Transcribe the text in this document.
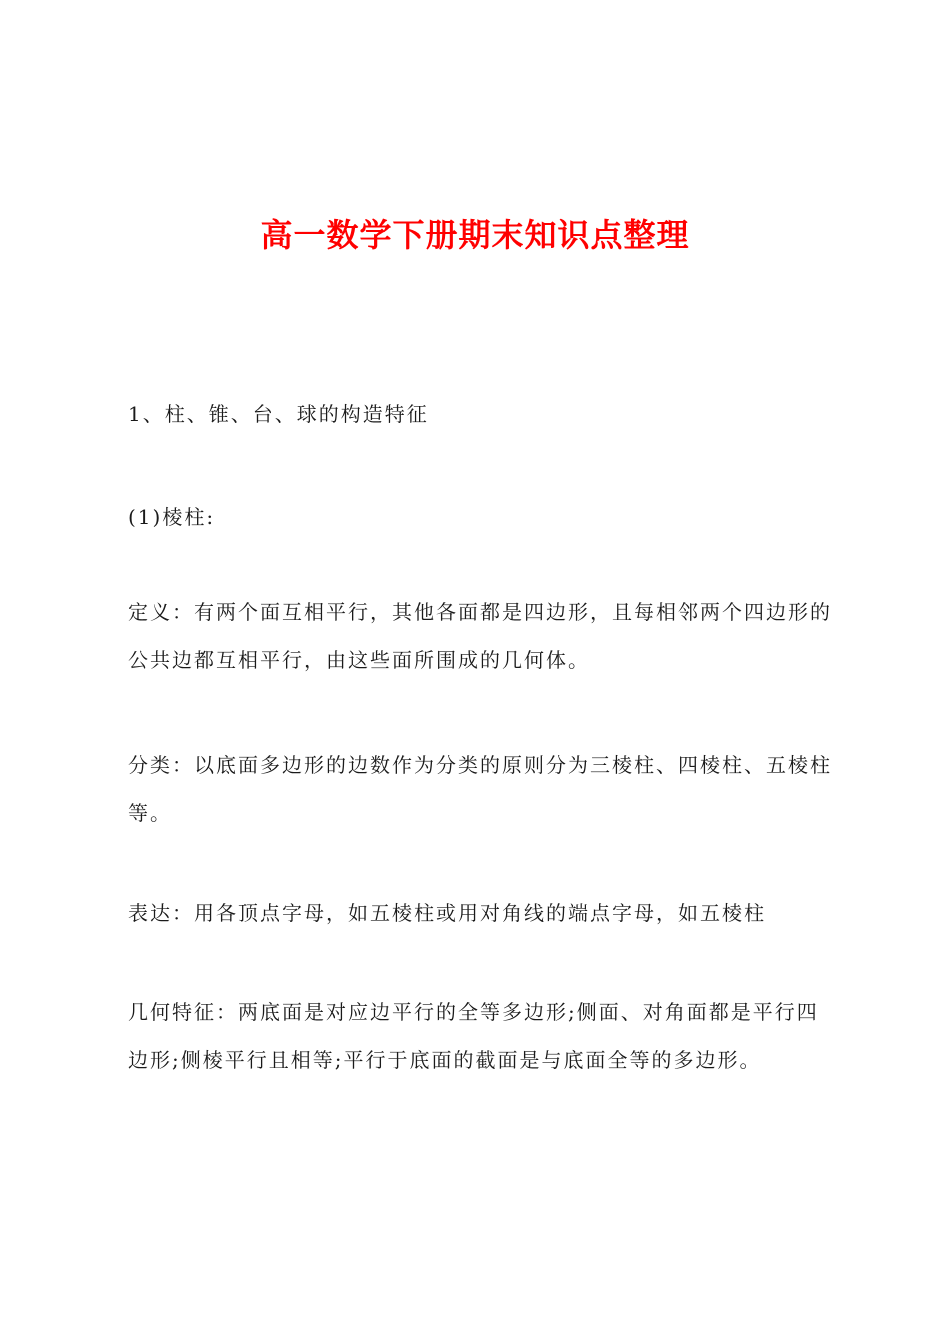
高一数学下册期末知识点整理

1、柱、锥、台、球的构造特征

(1)棱柱:

定义：有两个面互相平行，其他各面都是四边形，且每相邻两个四边形的公共边都互相平行，由这些面所围成的几何体。

分类：以底面多边形的边数作为分类的原则分为三棱柱、四棱柱、五棱柱等。

表达：用各顶点字母，如五棱柱或用对角线的端点字母，如五棱柱

几何特征：两底面是对应边平行的全等多边形;侧面、对角面都是平行四边形;侧棱平行且相等;平行于底面的截面是与底面全等的多边形。
